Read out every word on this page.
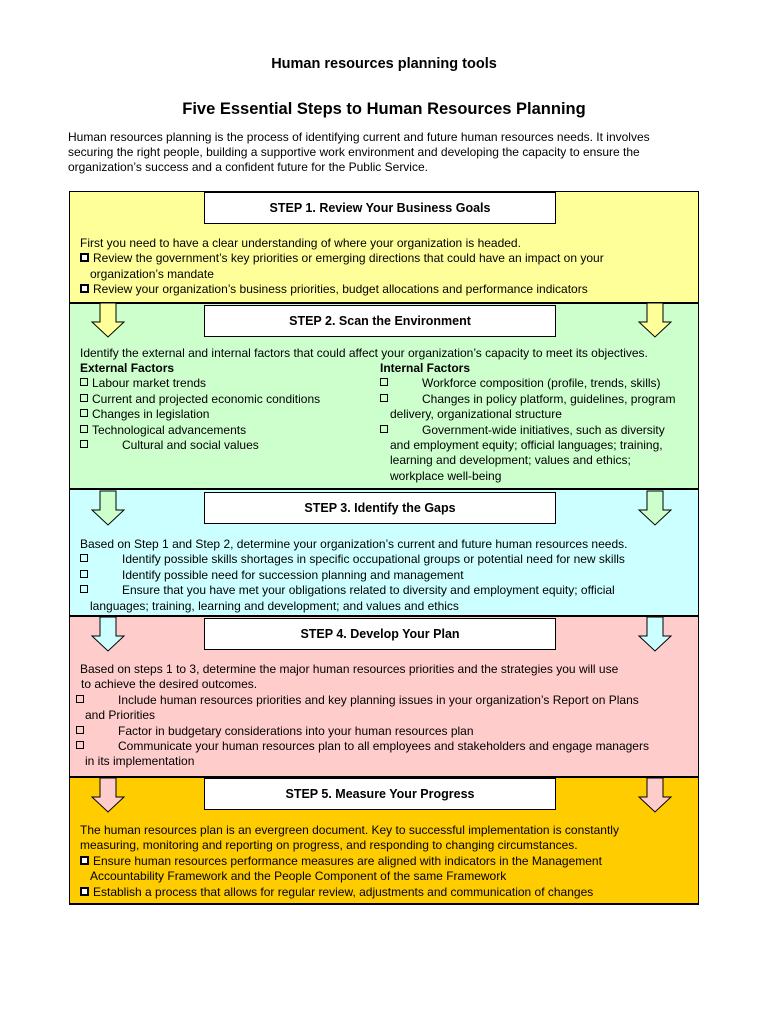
Human resources planning tools
Five Essential Steps to Human Resources Planning
Human resources planning is the process of identifying current and future human resources needs. It involves
securing the right people, building a supportive work environment and developing the capacity to ensure the
organization’s success and a confident future for the Public Service.
STEP 1. Review Your Business Goals
First you need to have a clear understanding of where your organization is headed.
Review the government’s key priorities or emerging directions that could have an impact on your
organization’s mandate
Review your organization’s business priorities, budget allocations and performance indicators
STEP 2. Scan the Environment
Identify the external and internal factors that could affect your organization’s capacity to meet its objectives.
External Factors
Labour market trends
Current and projected economic conditions
Changes in legislation
Technological advancements
Cultural and social values
Internal Factors
Workforce composition (profile, trends, skills)
Changes in policy platform, guidelines, program
delivery, organizational structure
Government-wide initiatives, such as diversity
and employment equity; official languages; training,
learning and development; values and ethics;
workplace well-being
STEP 3. Identify the Gaps
Based on Step 1 and Step 2, determine your organization’s current and future human resources needs.
Identify possible skills shortages in specific occupational groups or potential need for new skills
Identify possible need for succession planning and management
Ensure that you have met your obligations related to diversity and employment equity; official
languages; training, learning and development; and values and ethics
STEP 4. Develop Your Plan
Based on steps 1 to 3, determine the major human resources priorities and the strategies you will use
to achieve the desired outcomes.
Include human resources priorities and key planning issues in your organization’s Report on Plans
and Priorities
Factor in budgetary considerations into your human resources plan
Communicate your human resources plan to all employees and stakeholders and engage managers
in its implementation
STEP 5. Measure Your Progress
The human resources plan is an evergreen document. Key to successful implementation is constantly
measuring, monitoring and reporting on progress, and responding to changing circumstances.
Ensure human resources performance measures are aligned with indicators in the Management
Accountability Framework and the People Component of the same Framework
Establish a process that allows for regular review, adjustments and communication of changes
